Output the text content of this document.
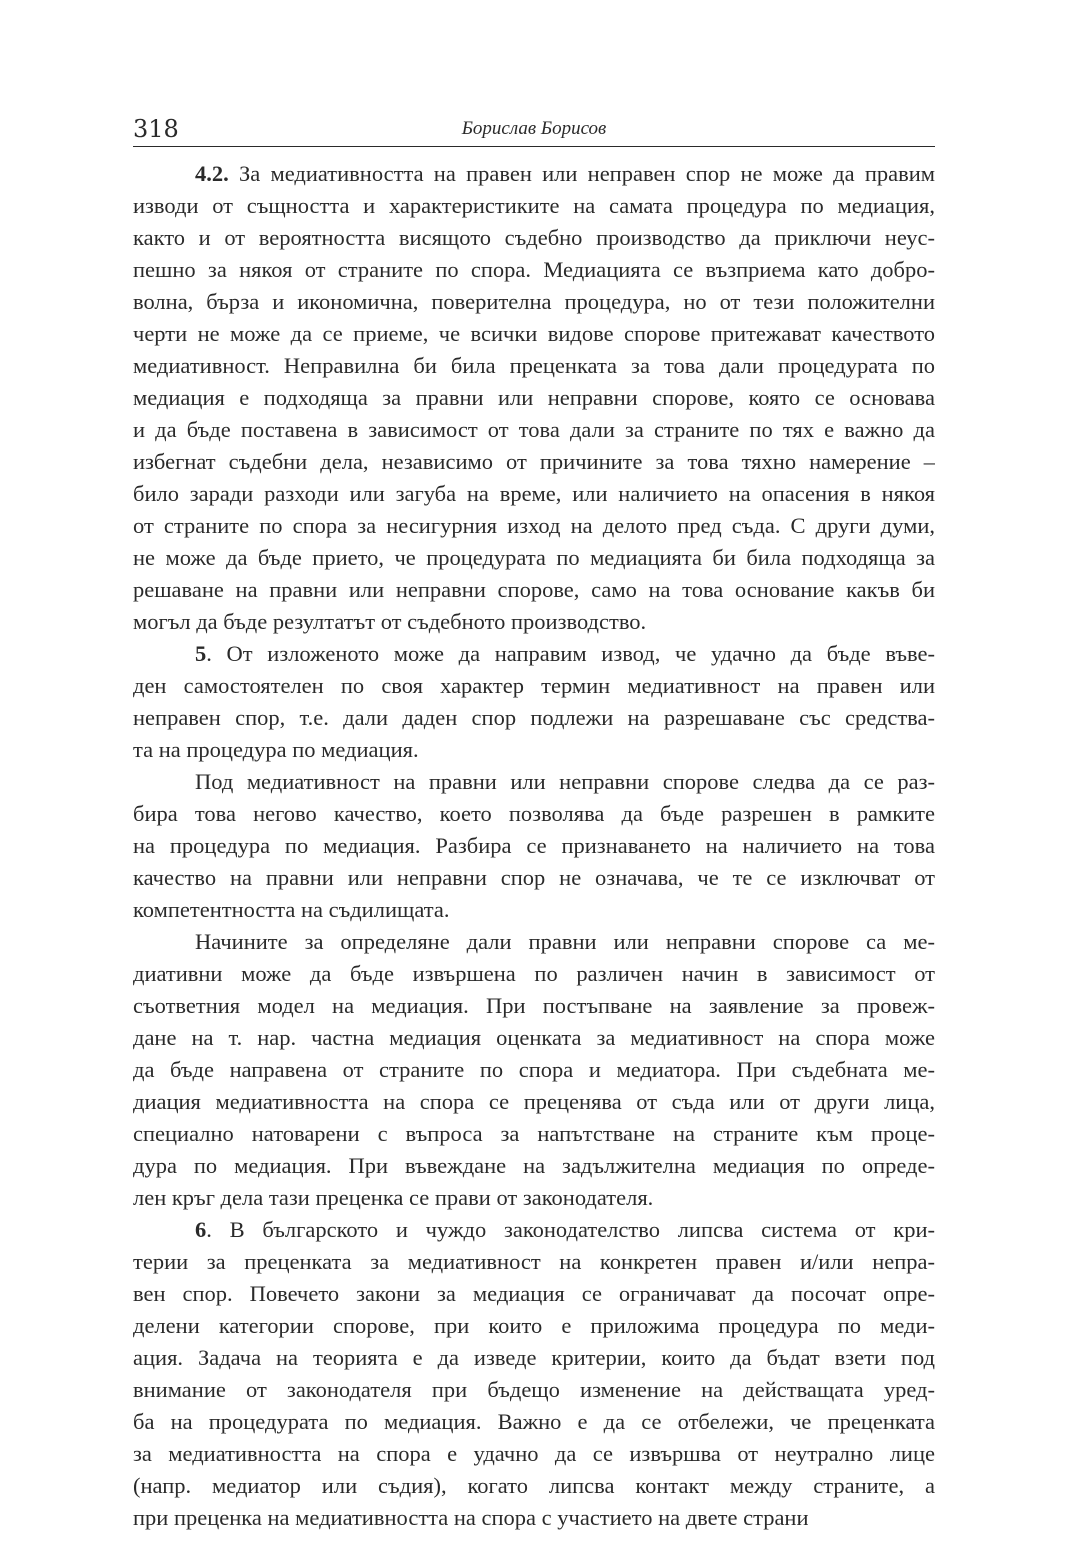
318	Борислав Борисов
4.2. За медиативността на правен или неправен спор не може да правим
изводи от същността и характеристиките на самата процедура по медиация,
както и от вероятността висящото съдебно производство да приключи неус-
пешно за някоя от страните по спора. Медиацията се възприема като добро-
волна, бърза и икономична, поверителна процедура, но от тези положителни
черти не може да се приеме, че всички видове спорове притежават качеството
медиативност. Неправилна би била преценката за това дали процедурата по
медиация е подходяща за правни или неправни спорове, която се основава
и да бъде поставена в зависимост от това дали за страните по тях е важно да
избегнат съдебни дела, независимо от причините за това тяхно намерение –
било заради разходи или загуба на време, или наличието на опасения в някоя
от страните по спора за несигурния изход на делото пред съда. С други думи,
не може да бъде прието, че процедурата по медиацията би била подходяща за
решаване на правни или неправни спорове, само на това основание какъв би
могъл да бъде резултатът от съдебното производство.
5. От изложеното може да направим извод, че удачно да бъде въве-
ден самостоятелен по своя характер термин медиативност на правен или
неправен спор, т.е. дали даден спор подлежи на разрешаване със средства-
та на процедура по медиация.
Под медиативност на правни или неправни спорове следва да се раз-
бира това негово качество, което позволява да бъде разрешен в рамките
на процедура по медиация. Разбира се признаването на наличието на това
качество на правни или неправни спор не означава, че те се изключват от
компетентността на съдилищата.
Начините за определяне дали правни или неправни спорове са ме-
диативни може да бъде извършена по различен начин в зависимост от
съответния модел на медиация. При постъпване на заявление за провеж-
дане на т. нар. частна медиация оценката за медиативност на спора може
да бъде направена от страните по спора и медиатора. При съдебната ме-
диация медиативността на спора се преценява от съда или от други лица,
специално натоварени с въпроса за напътстване на страните към проце-
дура по медиация. При въвеждане на задължителна медиация по опреде-
лен кръг дела тази преценка се прави от законодателя.
6. В българското и чуждо законодателство липсва система от кри-
терии за преценката за медиативност на конкретен правен и/или непра-
вен спор. Повечето закони за медиация се ограничават да посочат опре-
делени категории спорове, при които е приложима процедура по меди-
ация. Задача на теорията е да изведе критерии, които да бъдат взети под
внимание от законодателя при бъдещо изменение на действащата уред-
ба на процедурата по медиация. Важно е да се отбележи, че преценката
за медиативността на спора е удачно да се извършва от неутрално лице
(напр. медиатор или съдия), когато липсва контакт между страните, а
при преценка на медиативността на спора с участието на двете страни
